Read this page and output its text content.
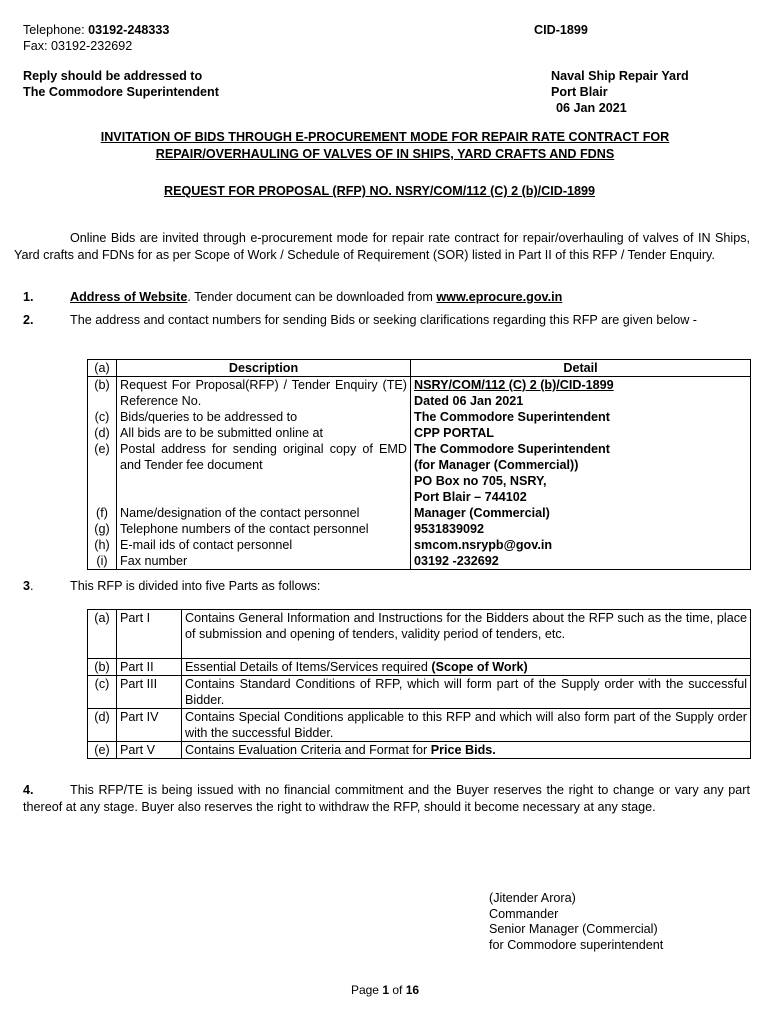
Telephone: 03192-248333
Fax: 03192-232692
CID-1899
Reply should be addressed to
The Commodore Superintendent
Naval Ship Repair Yard
Port Blair
06 Jan 2021
INVITATION OF BIDS THROUGH E-PROCUREMENT MODE FOR REPAIR RATE CONTRACT FOR
REPAIR/OVERHAULING OF VALVES OF IN SHIPS, YARD CRAFTS AND FDNS
REQUEST FOR PROPOSAL (RFP) NO. NSRY/COM/112 (C) 2 (b)/CID-1899
Online Bids are invited through e-procurement mode for repair rate contract for repair/overhauling of valves of IN Ships, Yard crafts and FDNs for as per Scope of Work / Schedule of Requirement (SOR) listed in Part II of this RFP / Tender Enquiry.
1.	Address of Website. Tender document can be downloaded from www.eprocure.gov.in
2.	The address and contact numbers for sending Bids or seeking clarifications regarding this RFP are given below -
(a)	Description	Detail
(b)	Request For Proposal(RFP) / Tender Enquiry (TE) Reference No.	NSRY/COM/112 (C) 2 (b)/CID-1899
Dated 06 Jan 2021

(c)	Bids/queries to be addressed to	The Commodore Superintendent
(d)	All bids are to be submitted online at	CPP PORTAL
(e)	Postal address for sending original copy of EMD and Tender fee document	The Commodore Superintendent
(for Manager (Commercial))
PO Box no 705, NSRY,
Port Blair – 744102

(f)	Name/designation of the contact personnel	Manager (Commercial)
(g)	Telephone numbers of the contact personnel	9531839092
(h)	E-mail ids of contact personnel	smcom.nsrypb@gov.in
(i)	Fax number	03192 -232692
3.	This RFP is divided into five Parts as follows:
(a)	Part I	Contains General Information and Instructions for the Bidders about the RFP such as the time, place of submission and opening of tenders, validity period of tenders, etc.
(b)	Part II	Essential Details of Items/Services required (Scope of Work)
(c)	Part III	Contains Standard Conditions of RFP, which will form part of the Supply order with the successful Bidder.
(d)	Part IV	Contains Special Conditions applicable to this RFP and which will also form part of the Supply order with the successful Bidder.
(e)	Part V	Contains Evaluation Criteria and Format for Price Bids.
4.	This RFP/TE is being issued with no financial commitment and the Buyer reserves the right to change or vary any part thereof at any stage. Buyer also reserves the right to withdraw the RFP, should it become necessary at any stage.
(Jitender Arora)
Commander
Senior Manager (Commercial)
for Commodore superintendent
Page 1 of 16
